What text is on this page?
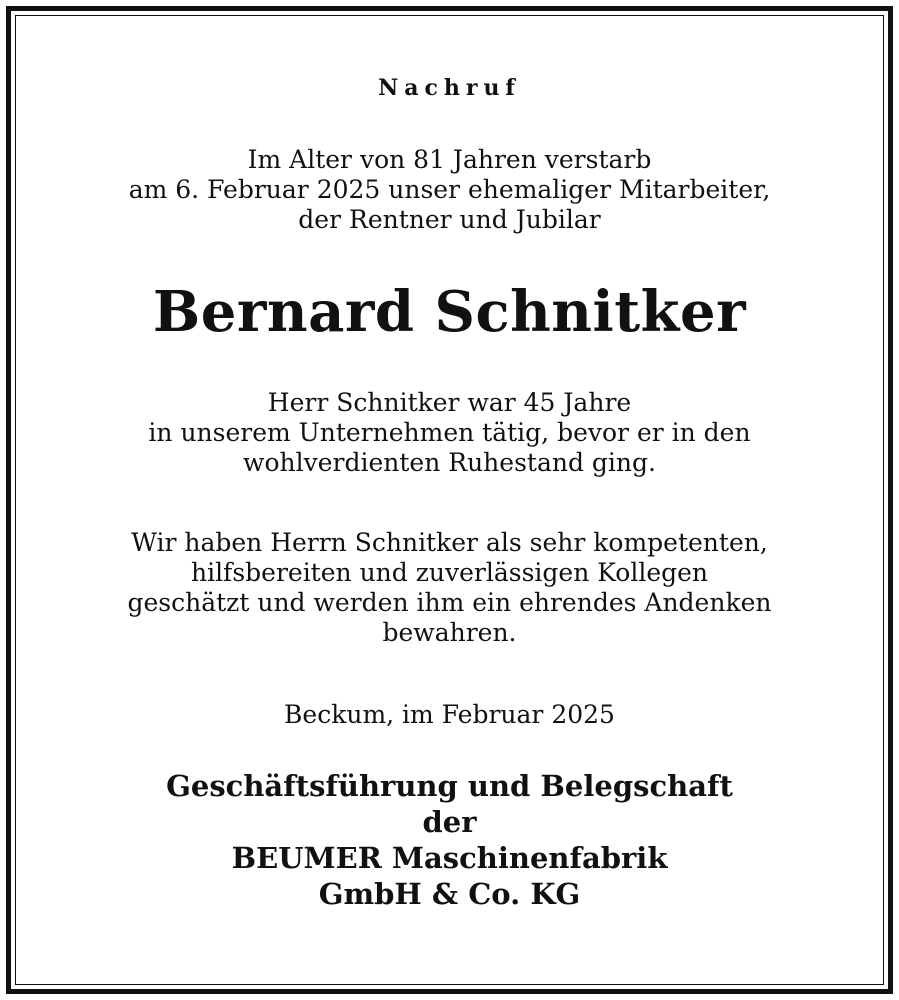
Nachruf
Im Alter von 81 Jahren verstarb
am 6. Februar 2025 unser ehemaliger Mitarbeiter,
der Rentner und Jubilar
Bernard Schnitker
Herr Schnitker war 45 Jahre
in unserem Unternehmen tätig, bevor er in den
wohlverdienten Ruhestand ging.
Wir haben Herrn Schnitker als sehr kompetenten,
hilfsbereiten und zuverlässigen Kollegen
geschätzt und werden ihm ein ehrendes Andenken
bewahren.
Beckum, im Februar 2025
Geschäftsführung und Belegschaft
der
BEUMER Maschinenfabrik
GmbH & Co. KG
